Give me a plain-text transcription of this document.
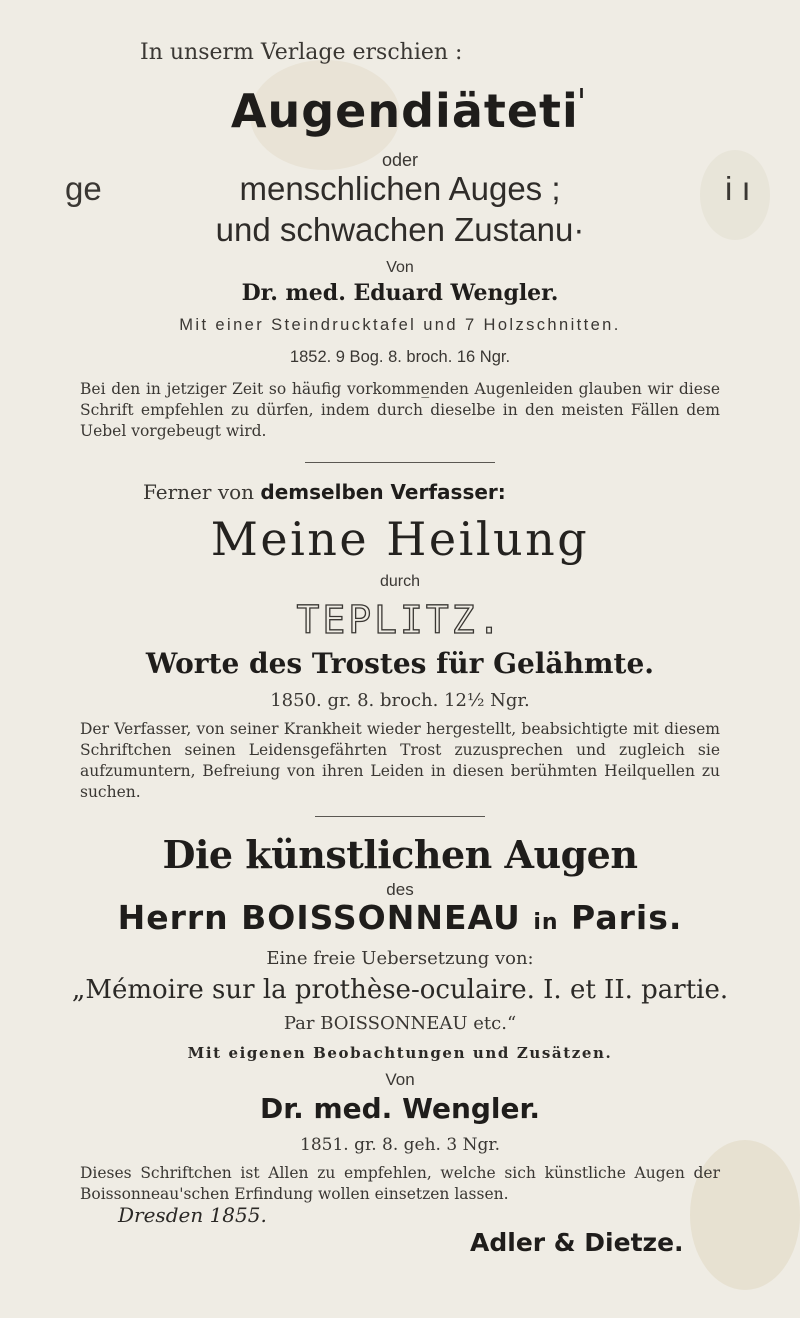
In unserm Verlage erschien :
Augendiäteti$^ˡ$
oder
ge	menschlichen Auges ;	i ı
und schwachen Zustanu·
Von
Dr. med. Eduard Wengler.
Mit einer Steindrucktafel und 7 Holzschnitten.
1852. 9 Bog. 8. broch. 16 Ngr.
Bei den in jetziger Zeit so häufig vorkomme̲nden Augenleiden glauben wir diese Schrift empfehlen zu dürfen, indem durch dieselbe in den meisten Fällen dem Uebel vorgebeugt wird.
Ferner von demselben Verfasser:
Meine Heilung
durch
TEPLITZ.
Worte des Trostes für Gelähmte.
1850. gr. 8. broch. 12½ Ngr.
Der Verfasser, von seiner Krankheit wieder hergestellt, beabsichtigte mit diesem Schriftchen seinen Leidensgefährten Trost zuzusprechen und zugleich sie aufzumuntern, Befreiung von ihren Leiden in diesen berühmten Heilquellen zu suchen.
Die künstlichen Augen
des
Herrn BOISSONNEAU in Paris.
Eine freie Uebersetzung von:
„Mémoire sur la prothèse-oculaire. I. et II. partie.
Par BOISSONNEAU etc.“
Mit eigenen Beobachtungen und Zusätzen.
Von
Dr. med. Wengler.
1851. gr. 8. geh. 3 Ngr.
Dieses Schriftchen ist Allen zu empfehlen, welche sich künstliche Augen der Boissonneau'schen Erfindung wollen einsetzen lassen.
Dresden 1855.
Adler & Dietze.
